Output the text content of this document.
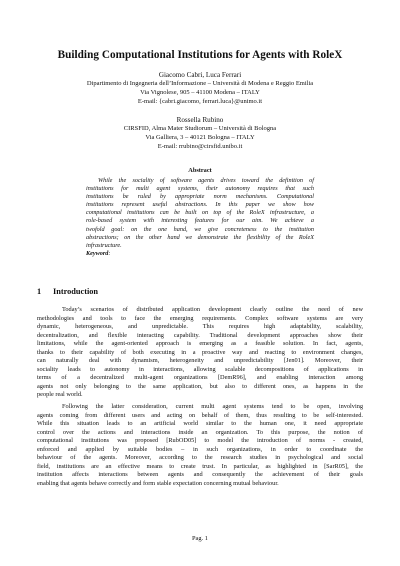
Building Computational Institutions for Agents with RoleX
Giacomo Cabri, Luca Ferrari
Dipartimento di Ingegneria dell’Informazione – Università di Modena e Reggio Emilia
Via Vignolese, 905 – 41100 Modena – ITALY
E-mail: {cabri.giacomo, ferrari.luca}@unimo.it
Rossella Rubino
CIRSFID, Alma Mater Studiorum – Università di Bologna
Via Galliera, 3 – 40121 Bologna – ITALY
E-mail: rrubino@cirsfid.unibo.it
Abstract
While the sociality of software agents drives toward the definition of
institutions for multi agent systems, their autonomy requires that such
institutions be ruled by appropriate norm mechanisms. Computational
institutions represent useful abstractions. In this paper we show how
computational institutions can be built on top of the RoleX infrastructure, a
role-based system with interesting features for our aim. We achieve a
twofold goal: on the one hand, we give concreteness to the institution
abstractions; on the other hand we demonstrate the flexibility of the RoleX
infrastructure.
Keyword:
1 Introduction
Today’s scenarios of distributed application development clearly outline the need of new
methodologies and tools to face the emerging requirements. Complex software systems are very
dynamic, heterogeneous, and unpredictable. This requires high adaptability, scalability,
decentralization, and flexible interacting capability. Traditional development approaches show their
limitations, while the agent-oriented approach is emerging as a feasible solution. In fact, agents,
thanks to their capability of both executing in a proactive way and reacting to environment changes,
can naturally deal with dynamism, heterogeneity and unpredictability [Jen01]. Moreover, their
sociality leads to autonomy in interactions, allowing scalable decompositions of applications in
terms of a decentralized multi-agent organizations [DemR96], and enabling interaction among
agents not only belonging to the same application, but also to different ones, as happens in the
people real world.
Following the latter consideration, current multi agent systems tend to be open, involving
agents coming from different users and acting on behalf of them, thus resulting to be self-interested.
While this situation leads to an artificial world similar to the human one, it need appropriate
control over the actions and interactions inside an organization. To this purpose, the notion of
computational institutions was proposed [RubOD05] to model the introduction of norms - created,
enforced and applied by suitable bodies – in such organizations, in order to coordinate the
behaviour of the agents. Moreover, according to the research studies in psychological and social
field, institutions are an effective means to create trust. In particular, as highlighted in [SarR05], the
institution affects interactions between agents and consequently the achievement of their goals
enabling that agents behave correctly and form stable expectation concerning mutual behaviour.
Pag. 1
